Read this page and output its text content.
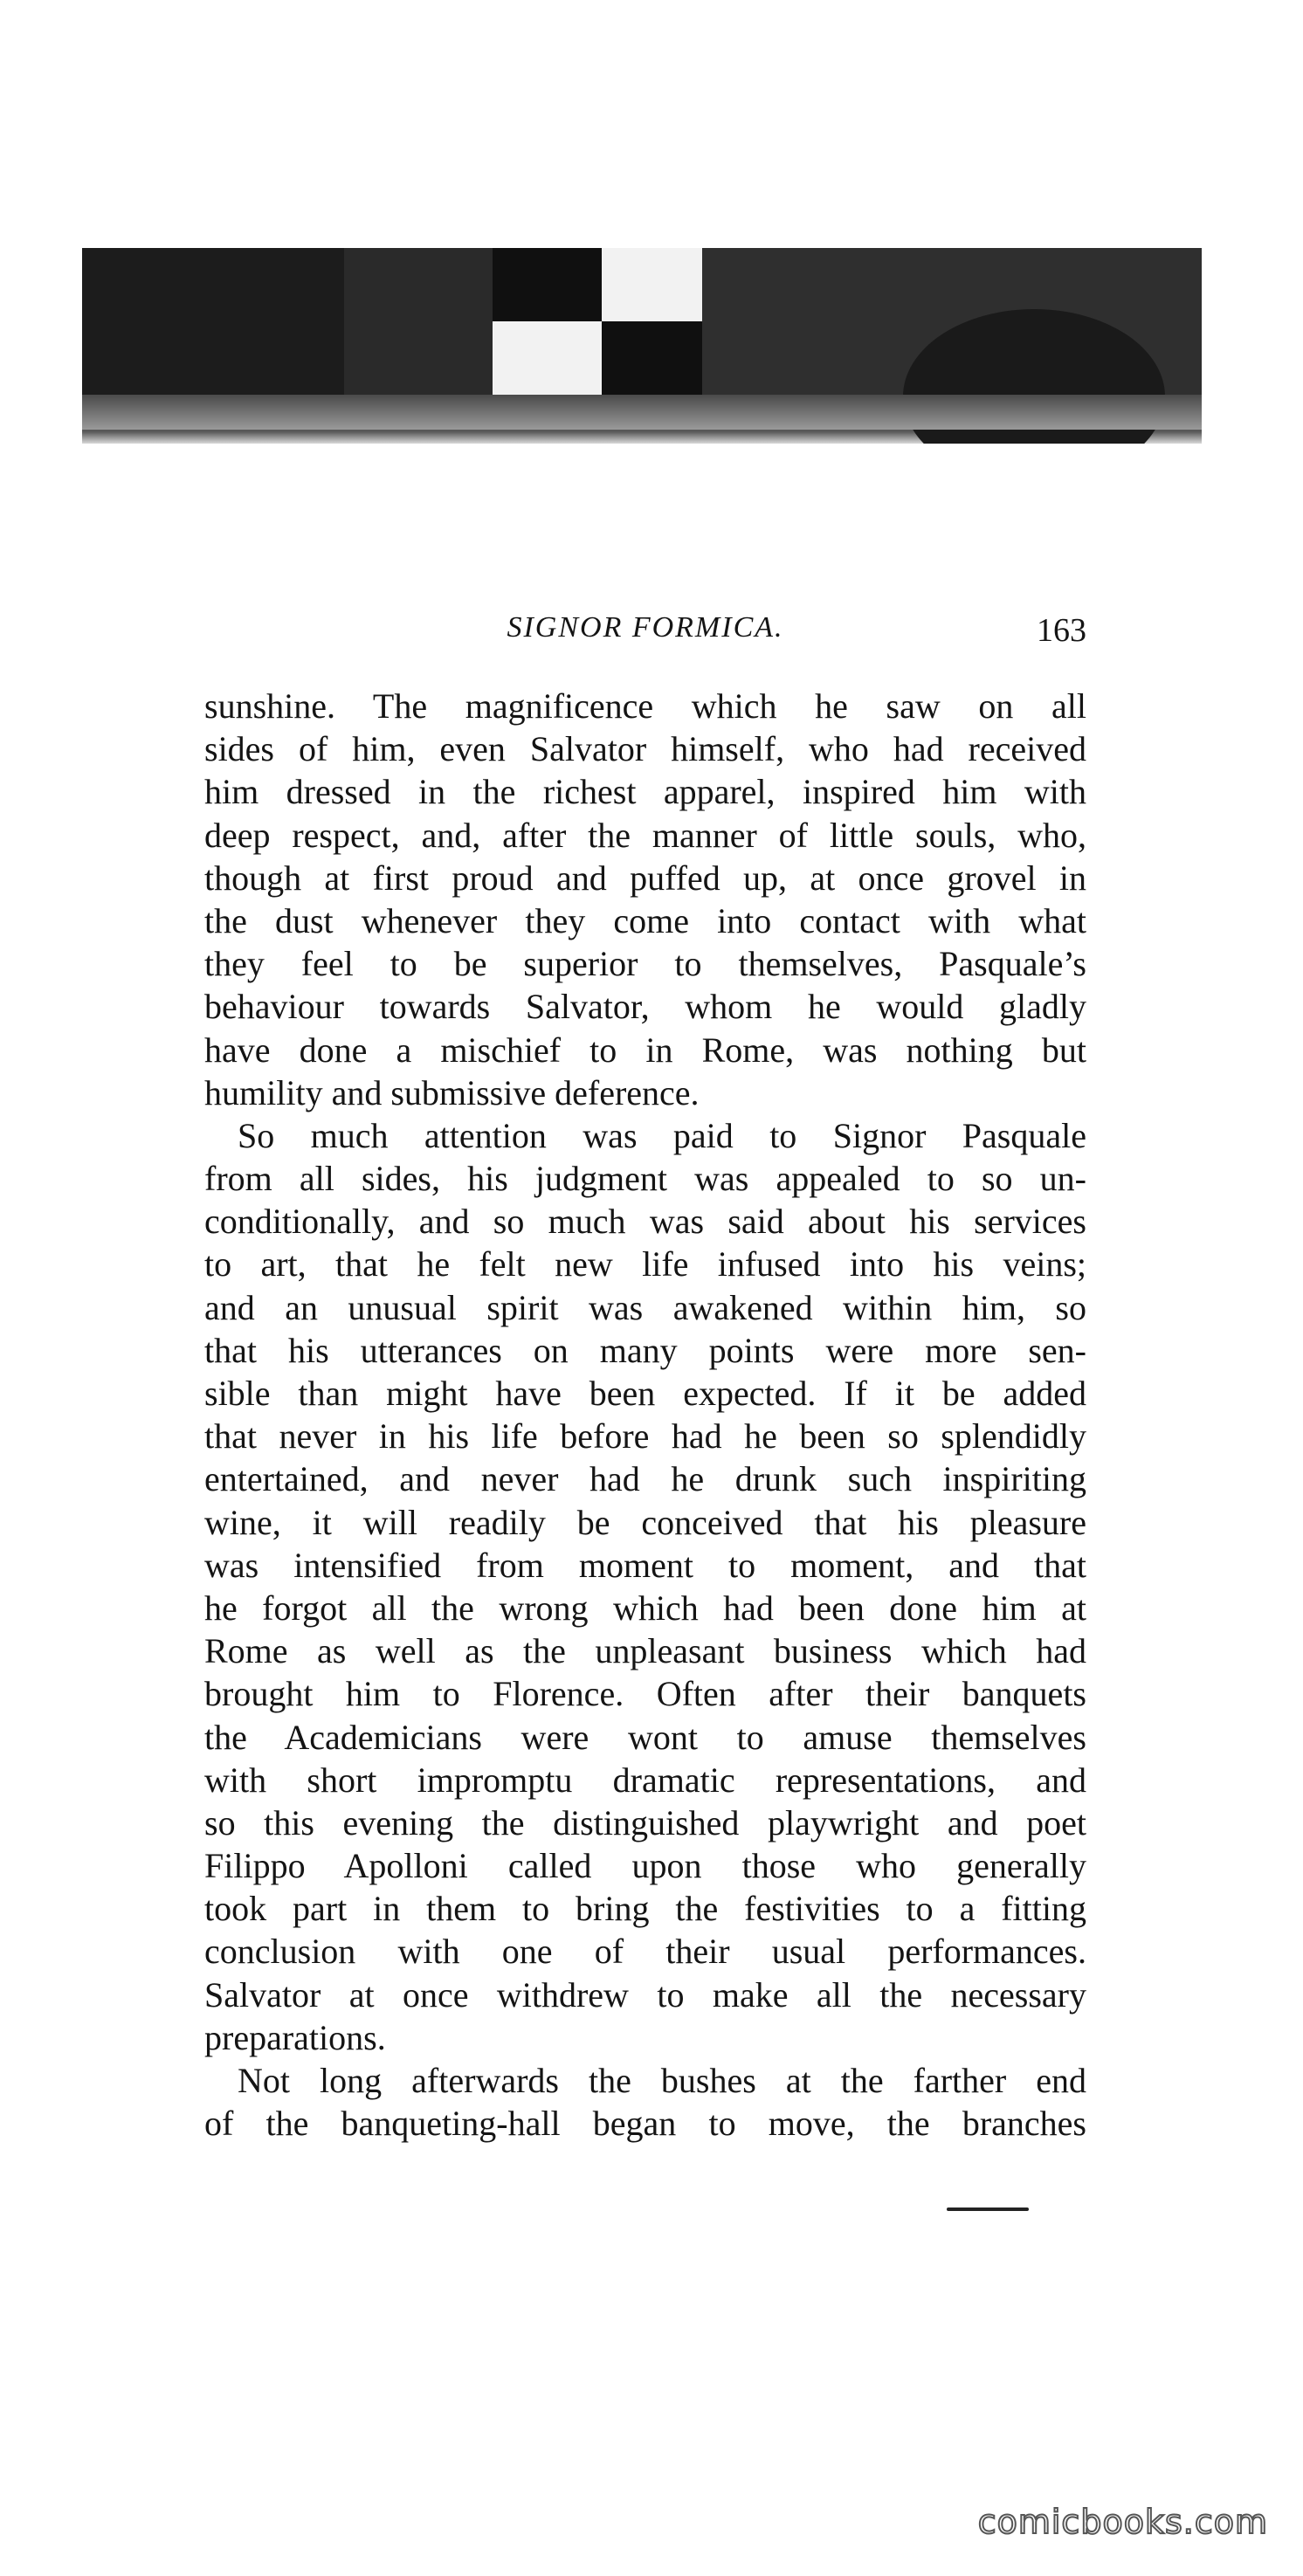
SIGNOR FORMICA.	163
sunshine. The magnificence which he saw on all
sides of him, even Salvator himself, who had received
him dressed in the richest apparel, inspired him with
deep respect, and, after the manner of little souls, who,
though at first proud and puffed up, at once grovel in
the dust whenever they come into contact with what
they feel to be superior to themselves, Pasquale’s
behaviour towards Salvator, whom he would gladly
have done a mischief to in Rome, was nothing but
humility and submissive deference.
So much attention was paid to Signor Pasquale
from all sides, his judgment was appealed to so un-
conditionally, and so much was said about his services
to art, that he felt new life infused into his veins;
and an unusual spirit was awakened within him, so
that his utterances on many points were more sen-
sible than might have been expected. If it be added
that never in his life before had he been so splendidly
entertained, and never had he drunk such inspiriting
wine, it will readily be conceived that his pleasure
was intensified from moment to moment, and that
he forgot all the wrong which had been done him at
Rome as well as the unpleasant business which had
brought him to Florence. Often after their banquets
the Academicians were wont to amuse themselves
with short impromptu dramatic representations, and
so this evening the distinguished playwright and poet
Filippo Apolloni called upon those who generally
took part in them to bring the festivities to a fitting
conclusion with one of their usual performances.
Salvator at once withdrew to make all the necessary
preparations.
Not long afterwards the bushes at the farther end
of the banqueting-hall began to move, the branches
comicbooks.com
